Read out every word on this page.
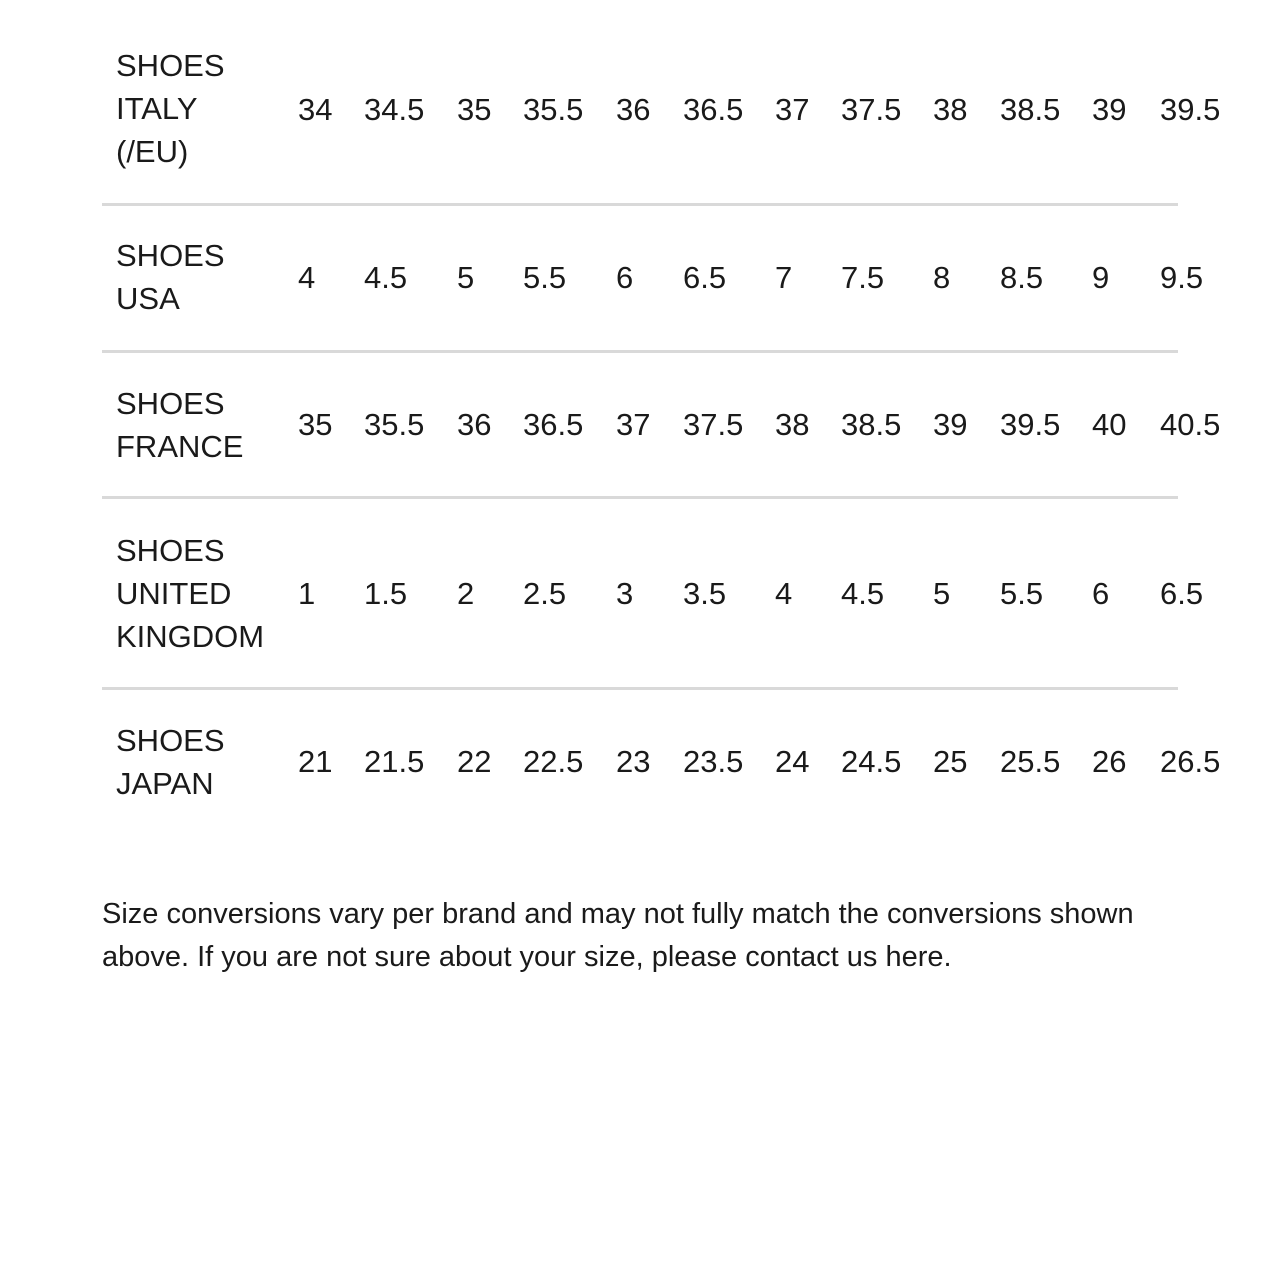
SHOES
ITALY
(/EU)
34 34.5 35 35.5 36 36.5 37 37.5 38 38.5 39 39.5
SHOES
USA
4 4.5 5 5.5 6 6.5 7 7.5 8 8.5 9 9.5
SHOES
FRANCE
35 35.5 36 36.5 37 37.5 38 38.5 39 39.5 40 40.5
SHOES
UNITED
KINGDOM
1 1.5 2 2.5 3 3.5 4 4.5 5 5.5 6 6.5
SHOES
JAPAN
21 21.5 22 22.5 23 23.5 24 24.5 25 25.5 26 26.5

Size conversions vary per brand and may not fully match the conversions shown above. If you are not sure about your size, please contact us here.
